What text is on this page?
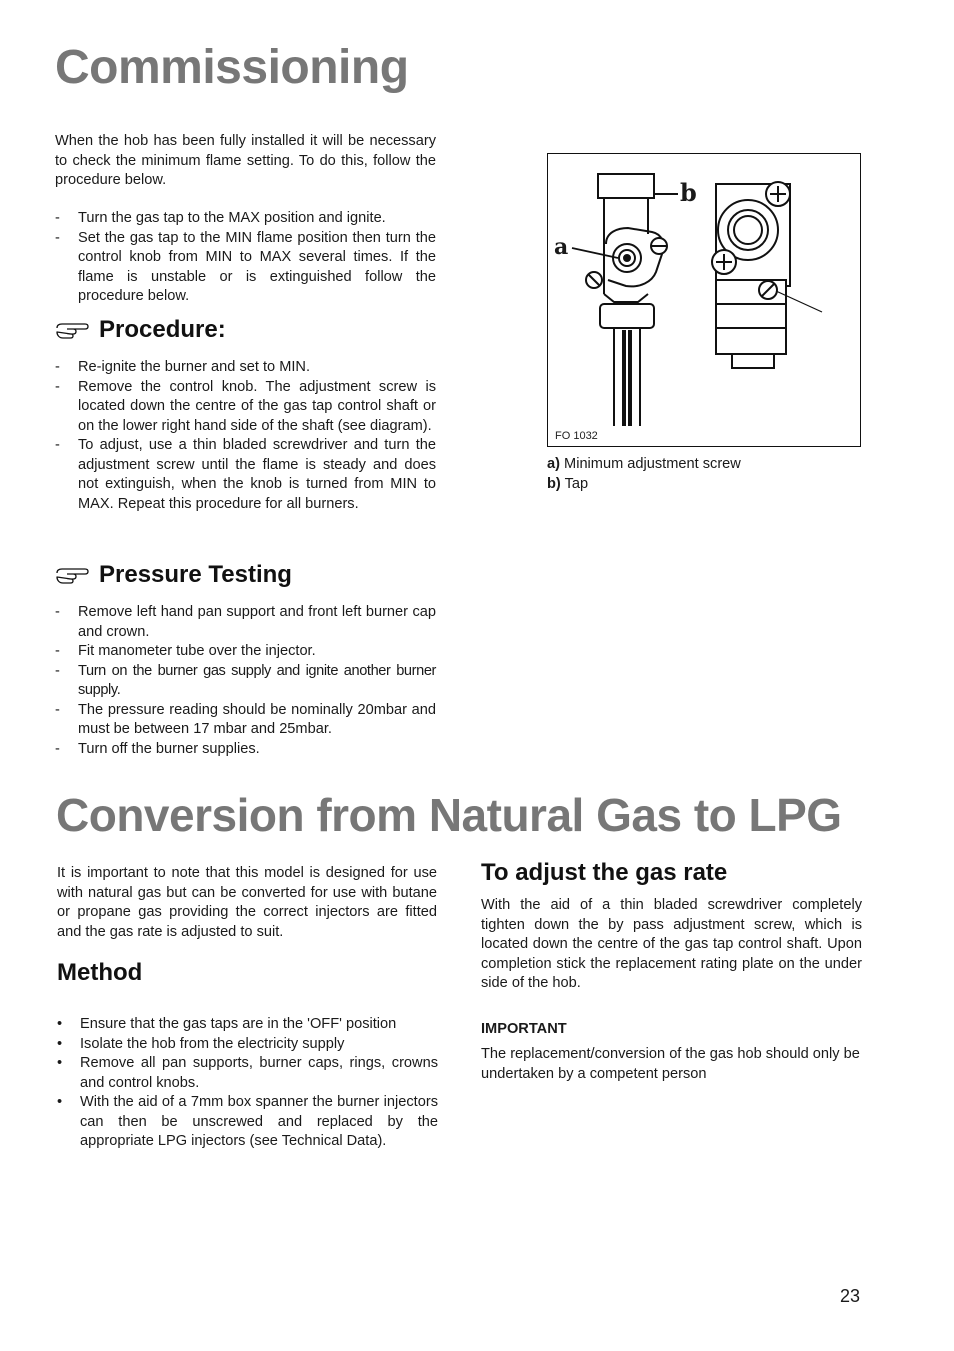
Commissioning

When the hob has been fully installed it will be necessary to check the minimum flame setting. To do this, follow the procedure below.

- Turn the gas tap to the MAX position and ignite.
- Set the gas tap to the MIN flame position then turn the control knob from MIN to MAX several times. If the flame is unstable or is extinguished follow the procedure below.
Procedure:
- Re-ignite the burner and set to MIN.
- Remove the control knob. The adjustment screw is located down the centre of the gas tap control shaft or on the lower right hand side of the shaft (see diagram).
- To adjust, use a thin bladed screwdriver and turn the adjustment screw until the flame is steady and does not extinguish, when the knob is turned from MIN to MAX. Repeat this procedure for all burners.
Pressure Testing
- Remove left hand pan support and front left burner cap and crown.
- Fit manometer tube over the injector.
- Turn on the burner gas supply and ignite another burner supply.
- The pressure reading should be nominally 20mbar and must be between 17 mbar and 25mbar.
- Turn off the burner supplies.
a
b
FO 1032
a) Minimum adjustment screw
b) Tap
Conversion from Natural Gas to LPG

It is important to note that this model is designed for use with natural gas but can be converted for use with butane or propane gas providing the correct injectors are fitted and the gas rate is adjusted to suit.

Method
• Ensure that the gas taps are in the 'OFF' position
• Isolate the hob from the electricity supply
• Remove all pan supports, burner caps, rings, crowns and control knobs.
• With the aid of a 7mm box spanner the burner injectors can then be unscrewed and replaced by the appropriate LPG injectors (see Technical Data).
To adjust the gas rate

With the aid of a thin bladed screwdriver completely tighten down the by pass adjustment screw, which is located down the centre of the gas tap control shaft. Upon completion stick the replacement rating plate on the under side of the hob.

IMPORTANT

The replacement/conversion of the gas hob should only be undertaken by a competent person

23
